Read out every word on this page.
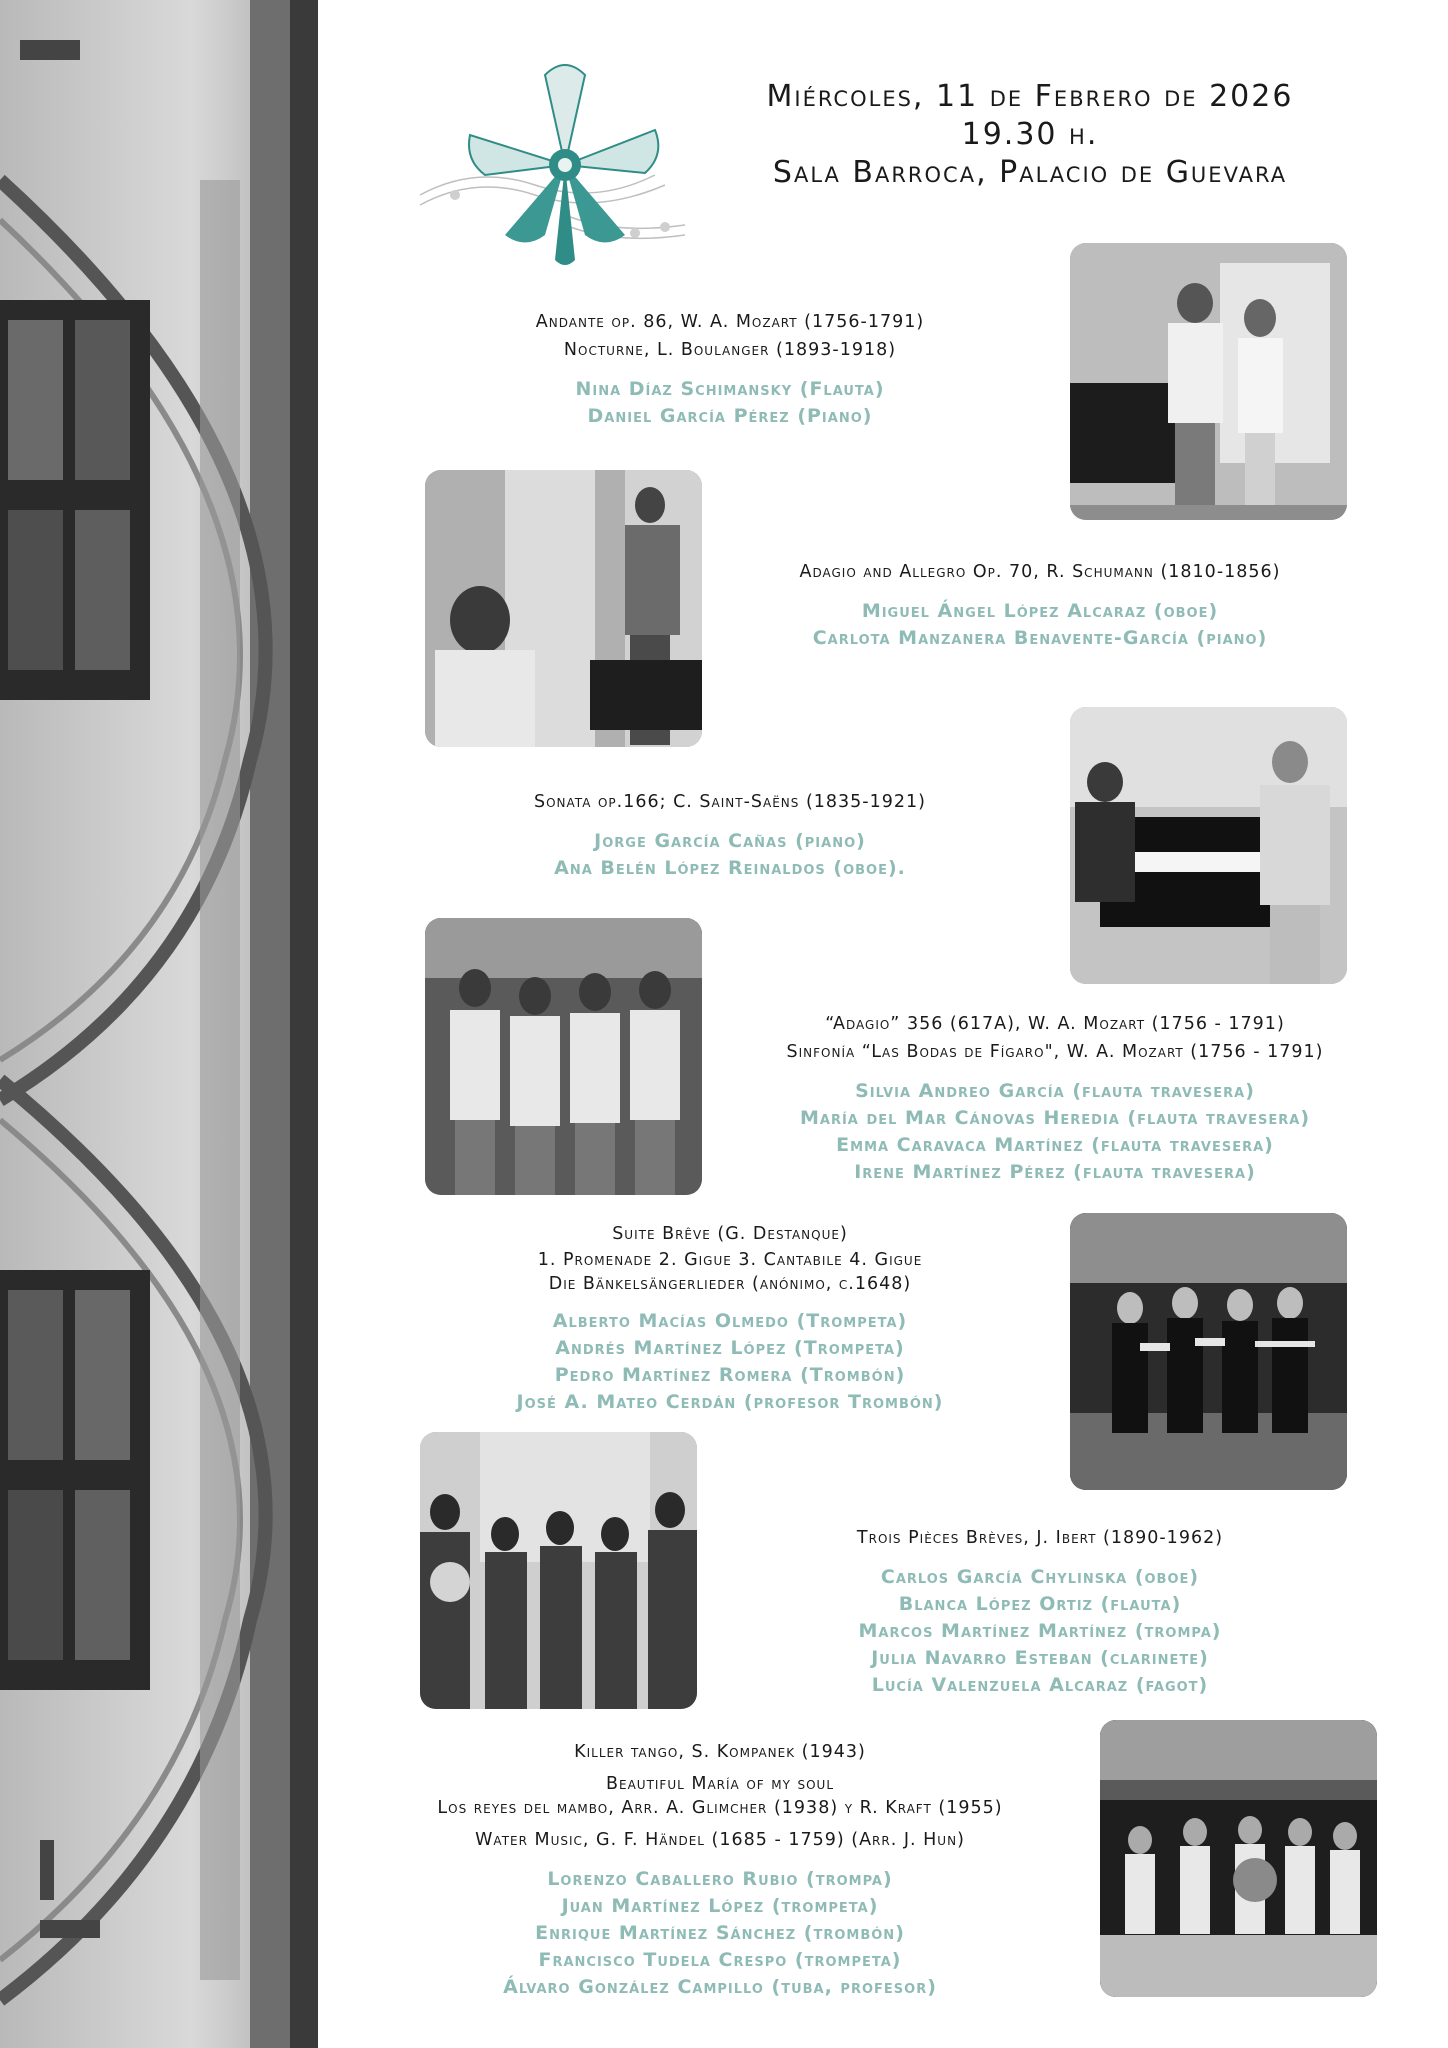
Miércoles, 11 de Febrero de 2026
19.30 h.
Sala Barroca, Palacio de Guevara
Andante op. 86, W. A. Mozart (1756-1791)
Nocturne, L. Boulanger (1893-1918)
Nina Díaz Schimansky (Flauta)
Daniel García Pérez (Piano)
Adagio and Allegro Op. 70, R. Schumann (1810-1856)
Miguel Ángel López Alcaraz (oboe)
Carlota Manzanera Benavente-García (piano)
Sonata op.166; C. Saint-Saëns (1835-1921)
Jorge García Cañas (piano)
Ana Belén López Reinaldos (oboe).
“Adagio” 356 (617A), W. A. Mozart (1756 - 1791)
Sinfonía “Las Bodas de Fígaro", W. A. Mozart (1756 - 1791)
Silvia Andreo García (flauta travesera)
María del Mar Cánovas Heredia (flauta travesera)
Emma Caravaca Martínez (flauta travesera)
Irene Martínez Pérez (flauta travesera)
Suite Brêve (G. Destanque)
1. Promenade 2. Gigue 3. Cantabile 4. Gigue
Die Bänkelsängerlieder (anónimo, c.1648)
Alberto Macías Olmedo (Trompeta)
Andrés Martínez López (Trompeta)
Pedro Martínez Romera (Trombón)
José A. Mateo Cerdán (profesor Trombón)
Trois Pièces Brèves, J. Ibert (1890-1962)
Carlos García Chylinska (oboe)
Blanca López Ortiz (flauta)
Marcos Martínez Martínez (trompa)
Julia Navarro Esteban (clarinete)
Lucía Valenzuela Alcaraz (fagot)
Killer tango, S. Kompanek (1943)
Beautiful María of my soul
Los reyes del mambo, Arr. A. Glimcher (1938) y R. Kraft (1955)
Water Music, G. F. Händel (1685 - 1759) (Arr. J. Hun)
Lorenzo Caballero Rubio (trompa)
Juan Martínez López (trompeta)
Enrique Martínez Sánchez (trombón)
Francisco Tudela Crespo (trompeta)
Álvaro González Campillo (tuba, profesor)
